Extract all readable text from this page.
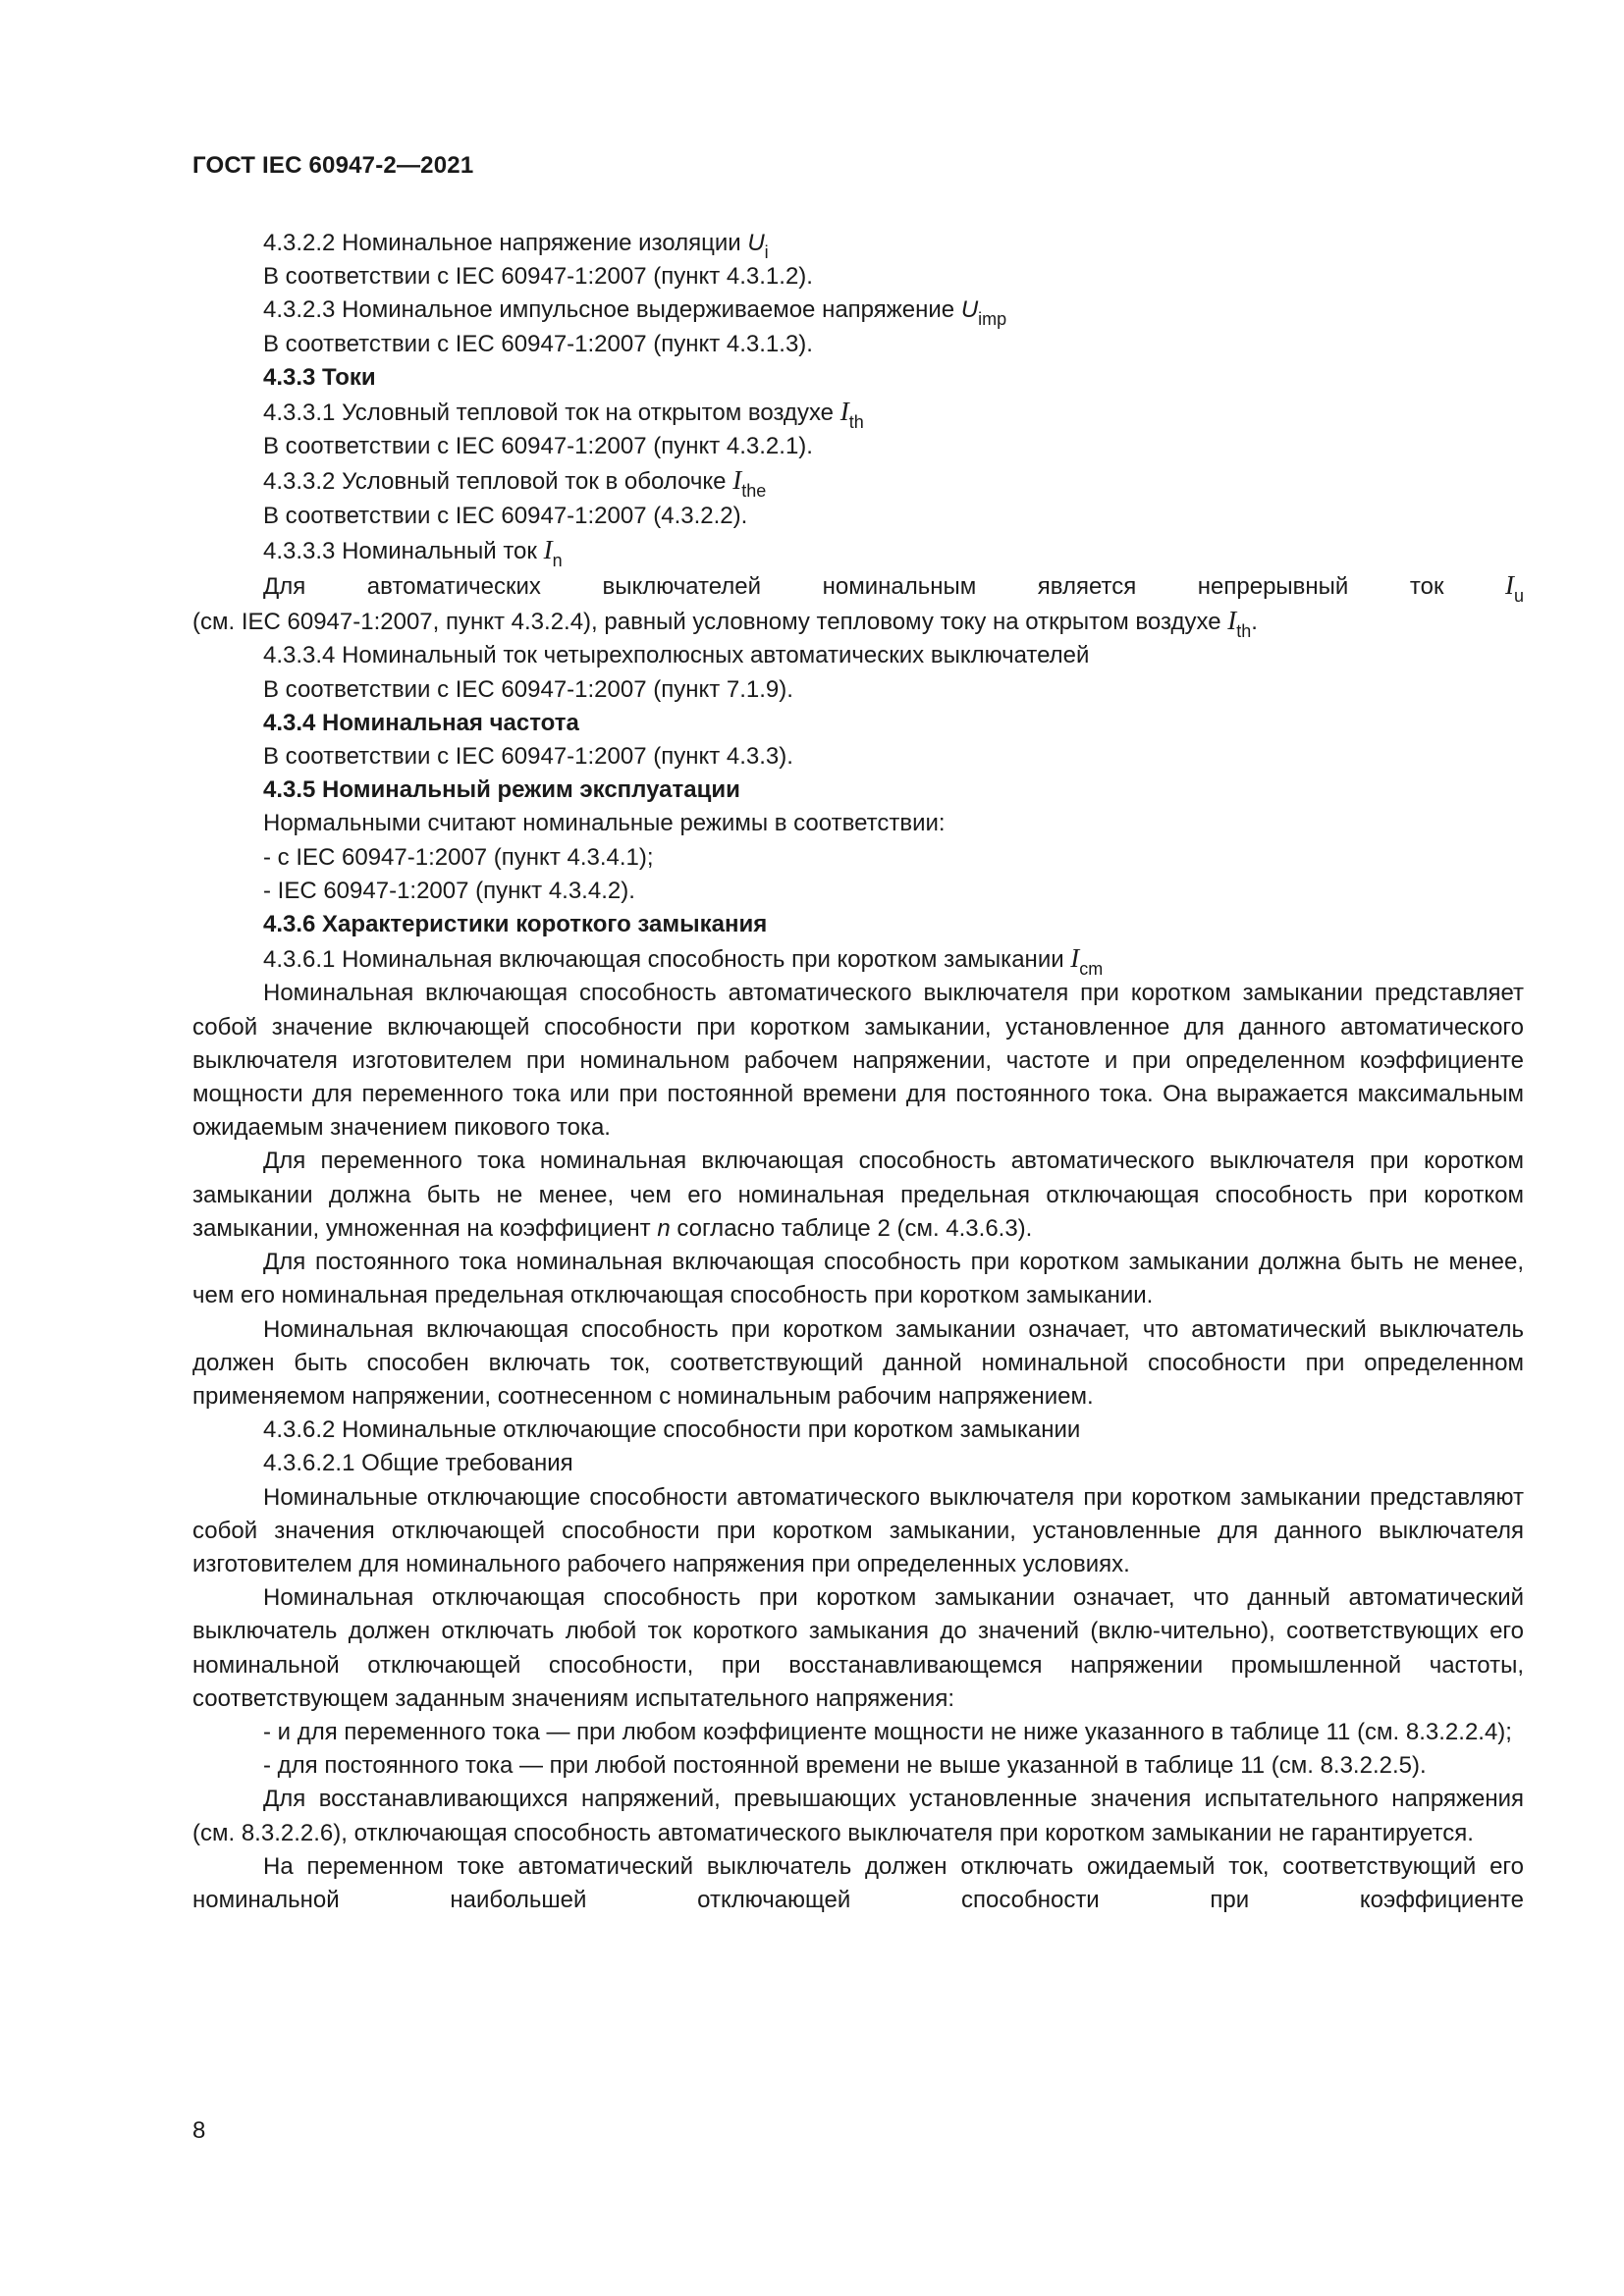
ГОСТ IEC 60947-2—2021

4.3.2.2 Номинальное напряжение изоляции $U_i$

В соответствии с IEC 60947-1:2007 (пункт 4.3.1.2).

4.3.2.3 Номинальное импульсное выдерживаемое напряжение $U_{imp}$

В соответствии с IEC 60947-1:2007 (пункт 4.3.1.3).

4.3.3 Токи

4.3.3.1 Условный тепловой ток на открытом воздухе $I_{th}$

В соответствии с IEC 60947-1:2007 (пункт 4.3.2.1).

4.3.3.2 Условный тепловой ток в оболочке $I_{the}$

В соответствии с IEC 60947-1:2007 (4.3.2.2).

4.3.3.3 Номинальный ток $I_n$

Для автоматических выключателей номинальным является непрерывный ток $I_u$

(см. IEC 60947-1:2007, пункт 4.3.2.4), равный условному тепловому току на открытом воздухе $I_{th}$.

4.3.3.4 Номинальный ток четырехполюсных автоматических выключателей

В соответствии с IEC 60947-1:2007 (пункт 7.1.9).

4.3.4 Номинальная частота

В соответствии с IEC 60947-1:2007 (пункт 4.3.3).

4.3.5 Номинальный режим эксплуатации

Нормальными считают номинальные режимы в соответствии:

- с IEC 60947-1:2007 (пункт 4.3.4.1);

- IEC 60947-1:2007 (пункт 4.3.4.2).

4.3.6 Характеристики короткого замыкания

4.3.6.1 Номинальная включающая способность при коротком замыкании $I_{cm}$

Номинальная включающая способность автоматического выключателя при коротком замыкании представляет собой значение включающей способности при коротком замыкании, установленное для данного автоматического выключателя изготовителем при номинальном рабочем напряжении, частоте и при определенном коэффициенте мощности для переменного тока или при постоянной времени для постоянного тока. Она выражается максимальным ожидаемым значением пикового тока.

Для переменного тока номинальная включающая способность автоматического выключателя при коротком замыкании должна быть не менее, чем его номинальная предельная отключающая способность при коротком замыкании, умноженная на коэффициент n согласно таблице 2 (см. 4.3.6.3).

Для постоянного тока номинальная включающая способность при коротком замыкании должна быть не менее, чем его номинальная предельная отключающая способность при коротком замыкании.

Номинальная включающая способность при коротком замыкании означает, что автоматический выключатель должен быть способен включать ток, соответствующий данной номинальной способности при определенном применяемом напряжении, соотнесенном с номинальным рабочим напряжением.

4.3.6.2 Номинальные отключающие способности при коротком замыкании

4.3.6.2.1 Общие требования

Номинальные отключающие способности автоматического выключателя при коротком замыкании представляют собой значения отключающей способности при коротком замыкании, установленные для данного выключателя изготовителем для номинального рабочего напряжения при определенных условиях.

Номинальная отключающая способность при коротком замыкании означает, что данный автоматический выключатель должен отключать любой ток короткого замыкания до значений (вклю-чительно), соответствующих его номинальной отключающей способности, при восстанавливающемся напряжении промышленной частоты, соответствующем заданным значениям испытательного напряжения:

- и для переменного тока — при любом коэффициенте мощности не ниже указанного в таблице 11 (см. 8.3.2.2.4);

- для постоянного тока — при любой постоянной времени не выше указанной в таблице 11 (см. 8.3.2.2.5).

Для восстанавливающихся напряжений, превышающих установленные значения испытательного напряжения (см. 8.3.2.2.6), отключающая способность автоматического выключателя при коротком замыкании не гарантируется.

На переменном токе автоматический выключатель должен отключать ожидаемый ток, соответствующий его номинальной наибольшей отключающей способности при коэффициенте

8
